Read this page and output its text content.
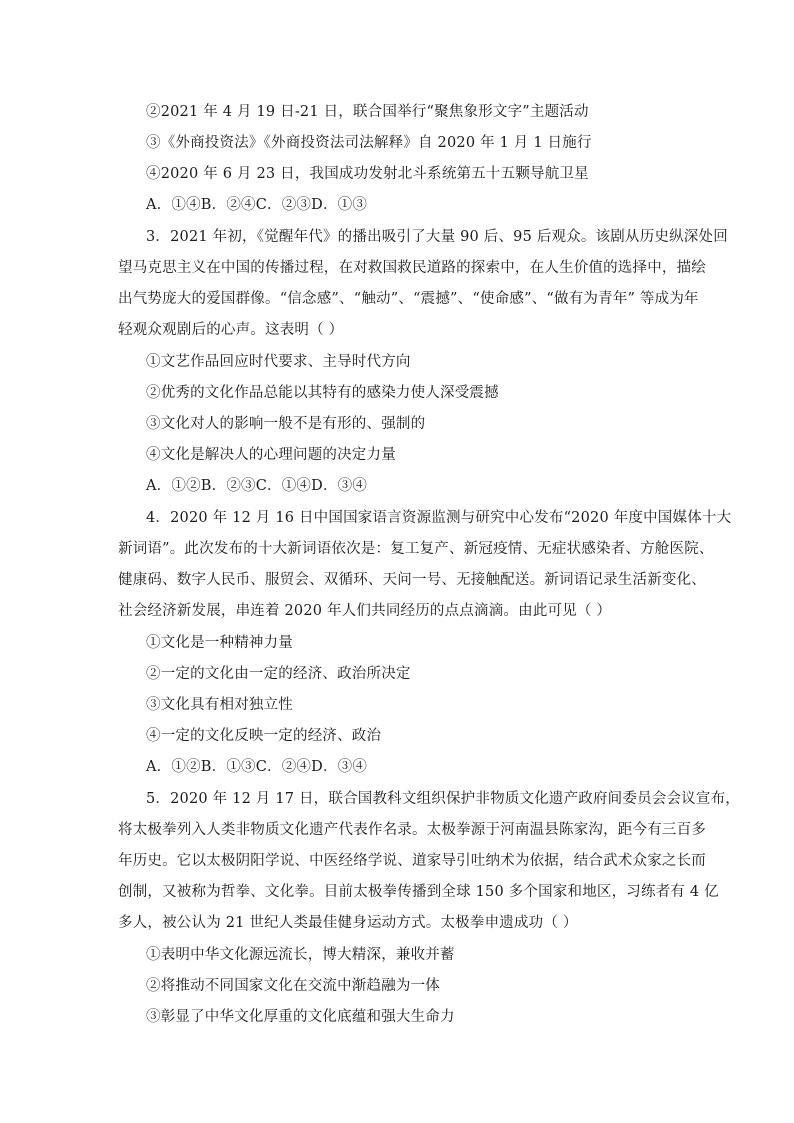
②2021 年 4 月 19 日-21 日，联合国举行“聚焦象形文字”主题活动
③《外商投资法》《外商投资法司法解释》自 2020 年 1 月 1 日施行
④2020 年 6 月 23 日，我国成功发射北斗系统第五十五颗导航卫星
A．①④B．②④C．②③D．①③
3．2021 年初，《觉醒年代》的播出吸引了大量 90 后、95 后观众。该剧从历史纵深处回
望马克思主义在中国的传播过程，在对救国救民道路的探索中，在人生价值的选择中，描绘
出气势庞大的爱国群像。“信念感”、“触动”、“震撼”、“使命感”、“做有为青年” 等成为年
轻观众观剧后的心声。这表明（ ）
①文艺作品回应时代要求、主导时代方向
②优秀的文化作品总能以其特有的感染力使人深受震撼
③文化对人的影响一般不是有形的、强制的
④文化是解决人的心理问题的决定力量
A．①②B．②③C．①④D．③④
4．2020 年 12 月 16 日中国国家语言资源监测与研究中心发布“2020 年度中国媒体十大
新词语”。此次发布的十大新词语依次是：复工复产、新冠疫情、无症状感染者、方舱医院、
健康码、数字人民币、服贸会、双循环、天问一号、无接触配送。新词语记录生活新变化、
社会经济新发展，串连着 2020 年人们共同经历的点点滴滴。由此可见（ ）
①文化是一种精神力量
②一定的文化由一定的经济、政治所决定
③文化具有相对独立性
④一定的文化反映一定的经济、政治
A．①②B．①③C．②④D．③④
5．2020 年 12 月 17 日，联合国教科文组织保护非物质文化遗产政府间委员会会议宣布，
将太极拳列入人类非物质文化遗产代表作名录。太极拳源于河南温县陈家沟，距今有三百多
年历史。它以太极阴阳学说、中医经络学说、道家导引吐纳术为依据，结合武术众家之长而
创制，又被称为哲拳、文化拳。目前太极拳传播到全球 150 多个国家和地区，习练者有 4 亿
多人，被公认为 21 世纪人类最佳健身运动方式。太极拳申遗成功（ ）
①表明中华文化源远流长，博大精深，兼收并蓄
②将推动不同国家文化在交流中渐趋融为一体
③彰显了中华文化厚重的文化底蕴和强大生命力
